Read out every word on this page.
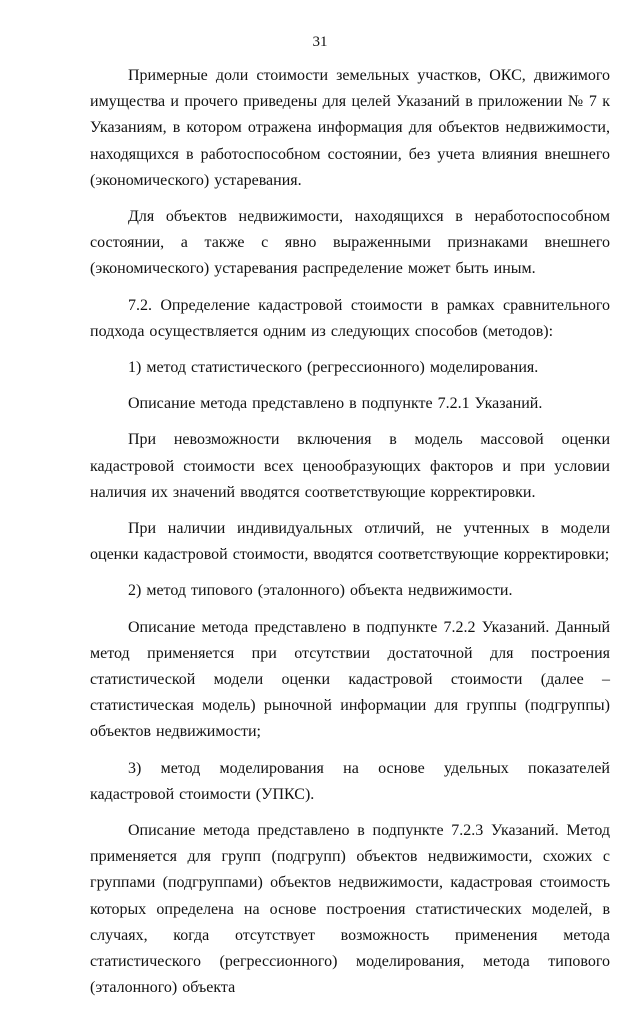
31

Примерные доли стоимости земельных участков, ОКС, движимого имущества и прочего приведены для целей Указаний в приложении № 7 к Указаниям, в котором отражена информация для объектов недвижимости, находящихся в работоспособном состоянии, без учета влияния внешнего (экономического) устаревания.

Для объектов недвижимости, находящихся в неработоспособном состоянии, а также с явно выраженными признаками внешнего (экономического) устаревания распределение может быть иным.

7.2. Определение кадастровой стоимости в рамках сравнительного подхода осуществляется одним из следующих способов (методов):

1) метод статистического (регрессионного) моделирования.

Описание метода представлено в подпункте 7.2.1 Указаний.

При невозможности включения в модель массовой оценки кадастровой стоимости всех ценообразующих факторов и при условии наличия их значений вводятся соответствующие корректировки.

При наличии индивидуальных отличий, не учтенных в модели оценки кадастровой стоимости, вводятся соответствующие корректировки;

2) метод типового (эталонного) объекта недвижимости.

Описание метода представлено в подпункте 7.2.2 Указаний. Данный метод применяется при отсутствии достаточной для построения статистической модели оценки кадастровой стоимости (далее – статистическая модель) рыночной информации для группы (подгруппы) объектов недвижимости;

3) метод моделирования на основе удельных показателей кадастровой стоимости (УПКС).

Описание метода представлено в подпункте 7.2.3 Указаний. Метод применяется для групп (подгрупп) объектов недвижимости, схожих с группами (подгруппами) объектов недвижимости, кадастровая стоимость которых определена на основе построения статистических моделей, в случаях, когда отсутствует возможность применения метода статистического (регрессионного) моделирования, метода типового (эталонного) объекта
